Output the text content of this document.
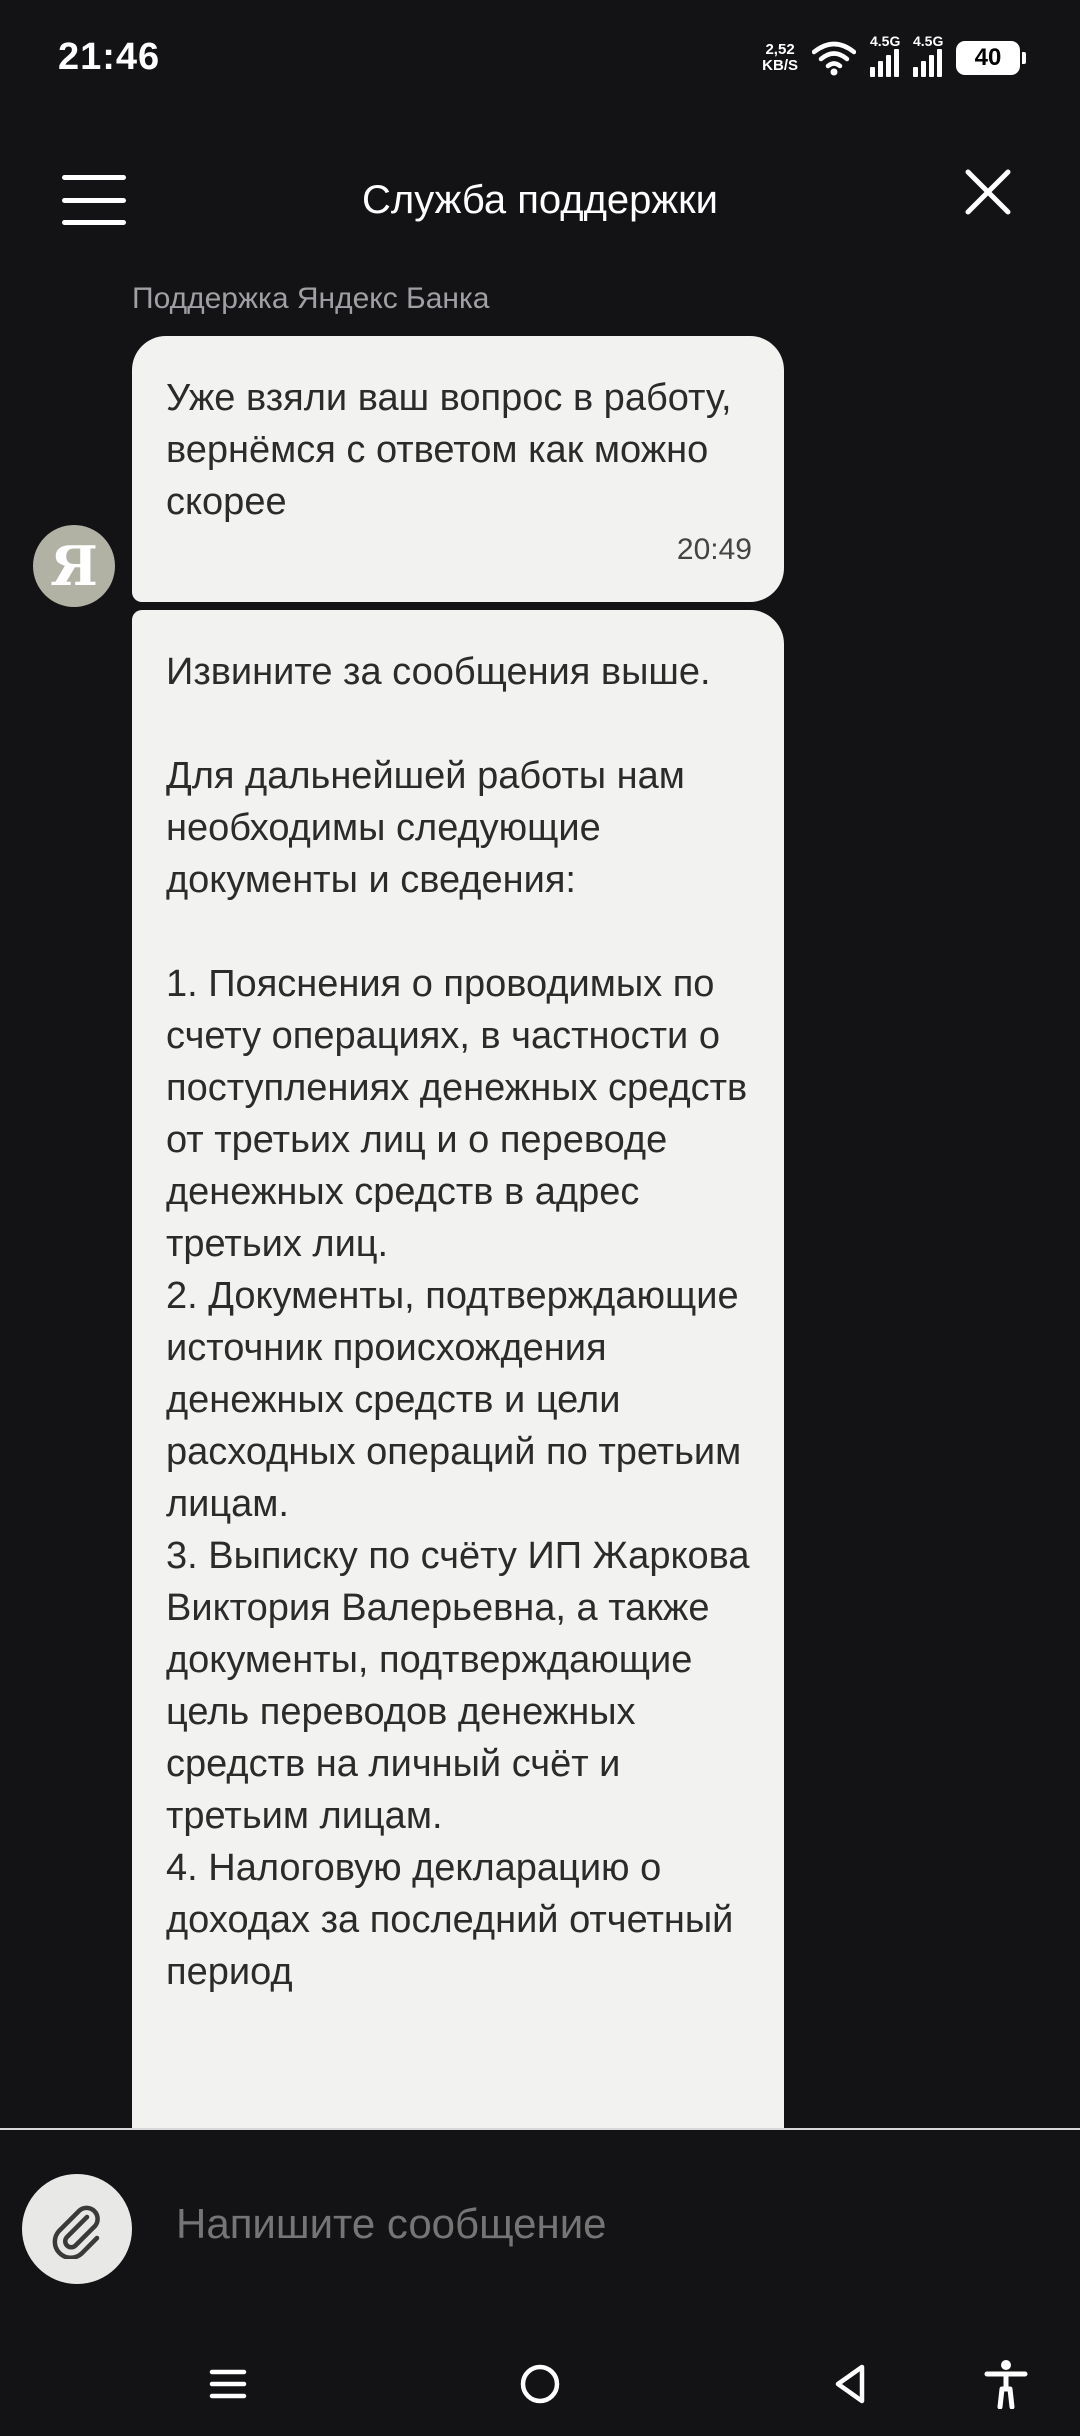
21:46	2,52
KB/S
4.5G 4.5G
40
Служба поддержки
Поддержка Яндекс Банка
Уже взяли ваш вопрос в работу, вернёмся с ответом как можно скорее
20:49
Я
Извините за сообщения выше.

Для дальнейшей работы нам необходимы следующие документы и сведения:

1. Пояснения о проводимых по счету операциях, в частности о поступлениях денежных средств от третьих лиц и о переводе денежных средств в адрес третьих лиц.
2. Документы, подтверждающие источник происхождения денежных средств и цели расходных операций по третьим лицам.
3. Выписку по счёту ИП Жаркова Виктория Валерьевна, а также документы, подтверждающие цель переводов денежных средств на личный счёт и третьим лицам.
4. Налоговую декларацию о доходах за последний отчетный период
Напишите сообщение
